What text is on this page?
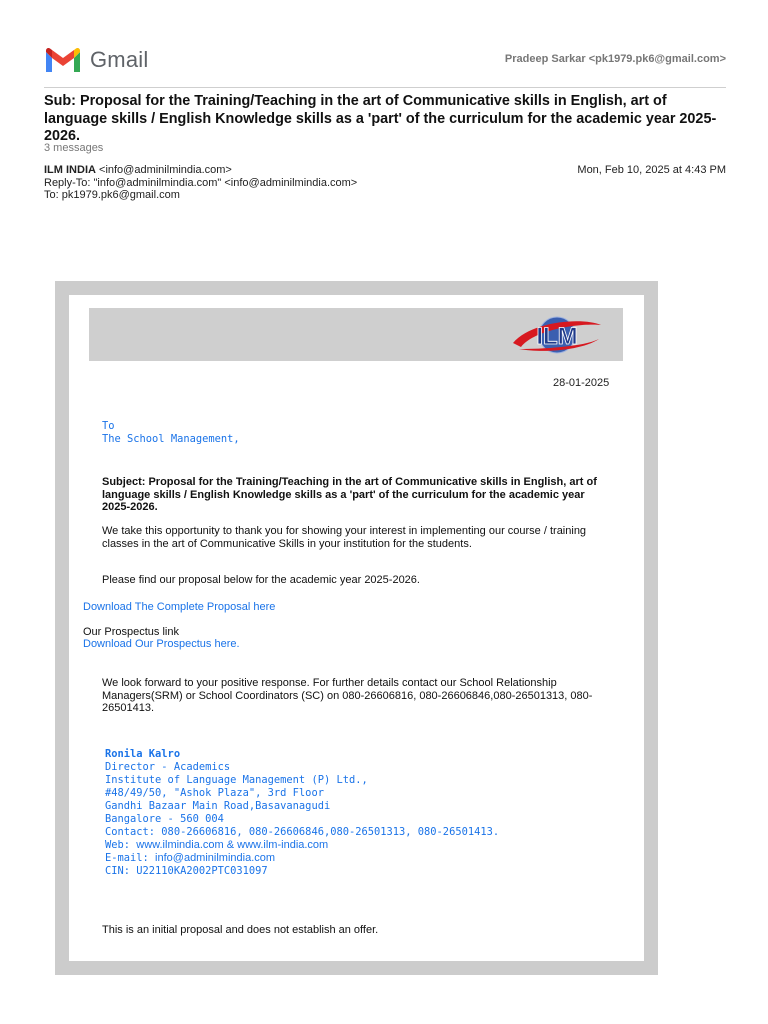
Gmail	Pradeep Sarkar <pk1979.pk6@gmail.com>
Sub: Proposal for the Training/Teaching in the art of Communicative skills in English, art of language skills / English Knowledge skills as a 'part' of the curriculum for the academic year 2025-2026.
3 messages
ILM INDIA <info@adminilmindia.com>
Reply-To: "info@adminilmindia.com" <info@adminilmindia.com>
To: pk1979.pk6@gmail.com
Mon, Feb 10, 2025 at 4:43 PM
ILM
28-01-2025
To
The School Management,
Subject: Proposal for the Training/Teaching in the art of Communicative skills in English, art of language skills / English Knowledge skills as a 'part' of the curriculum for the academic year 2025-2026.
We take this opportunity to thank you for showing your interest in implementing our course / training classes in the art of Communicative Skills in your institution for the students.
Please find our proposal below for the academic year 2025-2026.
Download The Complete Proposal here
Our Prospectus link
Download Our Prospectus here.
We look forward to your positive response. For further details contact our School Relationship Managers(SRM) or School Coordinators (SC) on 080-26606816, 080-26606846,080-26501313, 080-26501413.
Ronila Kalro
Director - Academics
Institute of Language Management (P) Ltd.,
#48/49/50, "Ashok Plaza", 3rd Floor
Gandhi Bazaar Main Road,Basavanagudi
Bangalore - 560 004
Contact: 080-26606816, 080-26606846,080-26501313, 080-26501413.
Web: www.ilmindia.com & www.ilm-india.com
E-mail: info@adminilmindia.com
CIN: U22110KA2002PTC031097
This is an initial proposal and does not establish an offer.
